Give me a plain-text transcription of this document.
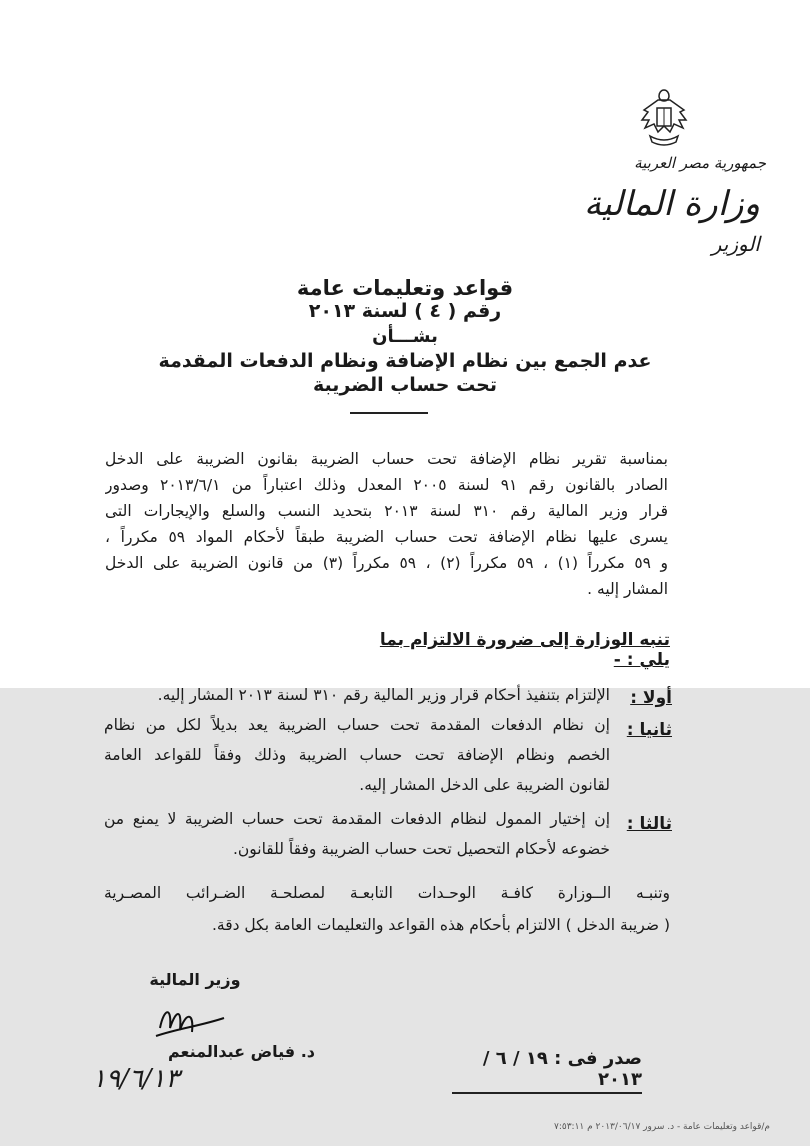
جمهورية مصر العربية
وزارة المالية
الوزير
قواعد وتعليمات عامة
رقم ( ٤ ) لسنة ٢٠١٣
بشـــأن
عدم الجمع بين نظام الإضافة ونظام الدفعات المقدمة
تحت حساب الضريبة
بمناسبة تقرير نظام الإضافة تحت حساب الضريبة بقانون الضريبة على الدخل
الصادر بالقانون رقم ٩١ لسنة ٢٠٠٥ المعدل وذلك اعتباراً من ٢٠١٣/٦/١ وصدور
قرار وزير المالية رقم ٣١٠ لسنة ٢٠١٣ بتحديد النسب والسلع والإيجارات التى
يسرى عليها نظام الإضافة تحت حساب الضريبة طبقاً لأحكام المواد ٥٩ مكرراً ،
و ٥٩ مكرراً (١) ، ٥٩ مكرراً (٢) ، ٥٩ مكرراً (٣) من قانون الضريبة على الدخل
المشار إليه .
تنبه الوزارة إلى ضرورة الالتزام بما يلي : -
أولا :
الإلتزام بتنفيذ أحكام قرار وزير المالية رقم ٣١٠ لسنة ٢٠١٣ المشار إليه.
ثانيا :
إن نظام الدفعات المقدمة تحت حساب الضريبة يعد بديلاً لكل من نظام
الخصم ونظام الإضافة تحت حساب الضريبة وذلك وفقاً للقواعد العامة
لقانون الضريبة على الدخل المشار إليه.
ثالثا :
إن إختيار الممول لنظام الدفعات المقدمة تحت حساب الضريبة لا يمنع من
خضوعه لأحكام التحصيل تحت حساب الضريبة وفقاً للقانون.
وتنبـه الــوزارة كافـة الوحـدات التابعـة لمصلحـة الضـرائب المصـرية
( ضريبة الدخل ) الالتزام بأحكام هذه القواعد والتعليمات العامة بكل دقة.
وزير المالية
د. فياض عبدالمنعم
١٩/٦/١٣
صدر فى : ١٩ / ٦ / ٢٠١٣
م/قواعد وتعليمات عامة - د. سرور ٢٠١٣/٠٦/١٧ م ٧:٥٣:١١
